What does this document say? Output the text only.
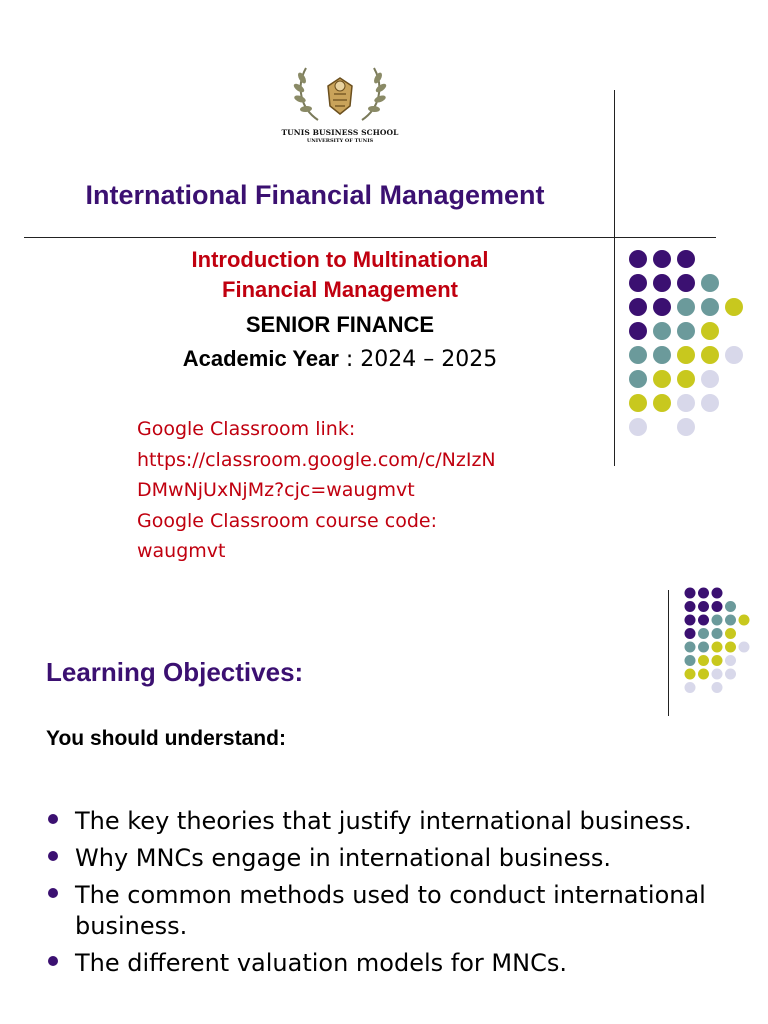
TUNIS BUSINESS SCHOOL
UNIVERSITY OF TUNIS
International Financial Management
Introduction to Multinational
Financial Management
SENIOR FINANCE
Academic Year : 2024 – 2025
Google Classroom link:
https://classroom.google.com/c/NzIzN
DMwNjUxNjMz?cjc=waugmvt
Google Classroom course code:
waugmvt
Learning Objectives:
You should understand:
The key theories that justify international business.
Why MNCs engage in international business.
The common methods used to conduct international business.
The different valuation models for MNCs.
